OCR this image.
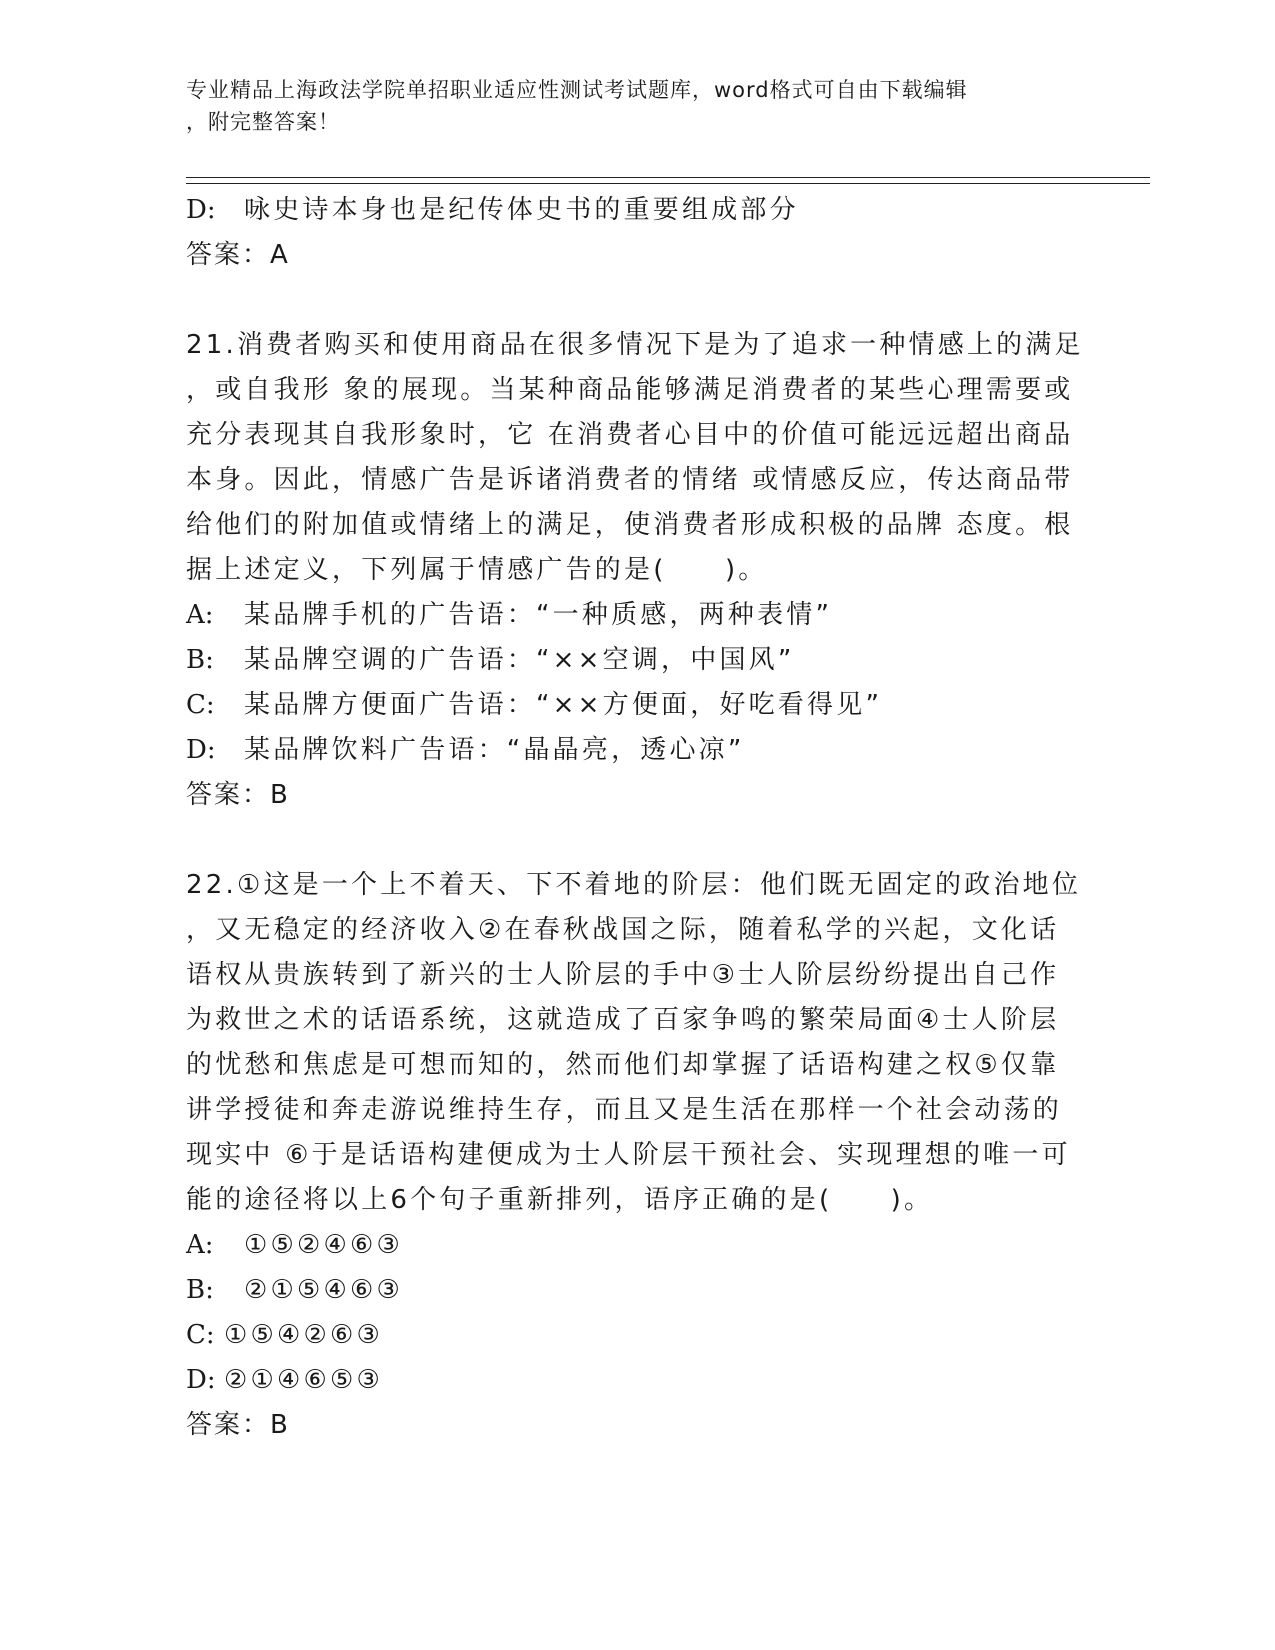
专业精品上海政法学院单招职业适应性测试考试题库，word格式可自由下载编辑
，附完整答案！
D: 咏史诗本身也是纪传体史书的重要组成部分
答案：A
21.消费者购买和使用商品在很多情况下是为了追求一种情感上的满足
，或自我形 象的展现。当某种商品能够满足消费者的某些心理需要或
充分表现其自我形象时，它 在消费者心目中的价值可能远远超出商品
本身。因此，情感广告是诉诸消费者的情绪 或情感反应，传达商品带
给他们的附加值或情绪上的满足，使消费者形成积极的品牌 态度。根
据上述定义，下列属于情感广告的是(　　)。
A: 某品牌手机的广告语：“一种质感，两种表情”
B: 某品牌空调的广告语：“××空调，中国风”
C: 某品牌方便面广告语：“××方便面，好吃看得见”
D: 某品牌饮料广告语：“晶晶亮，透心凉”
答案：B
22.①这是一个上不着天、下不着地的阶层：他们既无固定的政治地位
，又无稳定的经济收入②在春秋战国之际，随着私学的兴起，文化话
语权从贵族转到了新兴的士人阶层的手中③士人阶层纷纷提出自己作
为救世之术的话语系统，这就造成了百家争鸣的繁荣局面④士人阶层
的忧愁和焦虑是可想而知的，然而他们却掌握了话语构建之权⑤仅靠
讲学授徒和奔走游说维持生存，而且又是生活在那样一个社会动荡的
现实中 ⑥于是话语构建便成为士人阶层干预社会、实现理想的唯一可
能的途径将以上6个句子重新排列，语序正确的是(　　)。
A: ①⑤②④⑥③
B: ②①⑤④⑥③
C: ①⑤④②⑥③
D: ②①④⑥⑤③
答案：B
